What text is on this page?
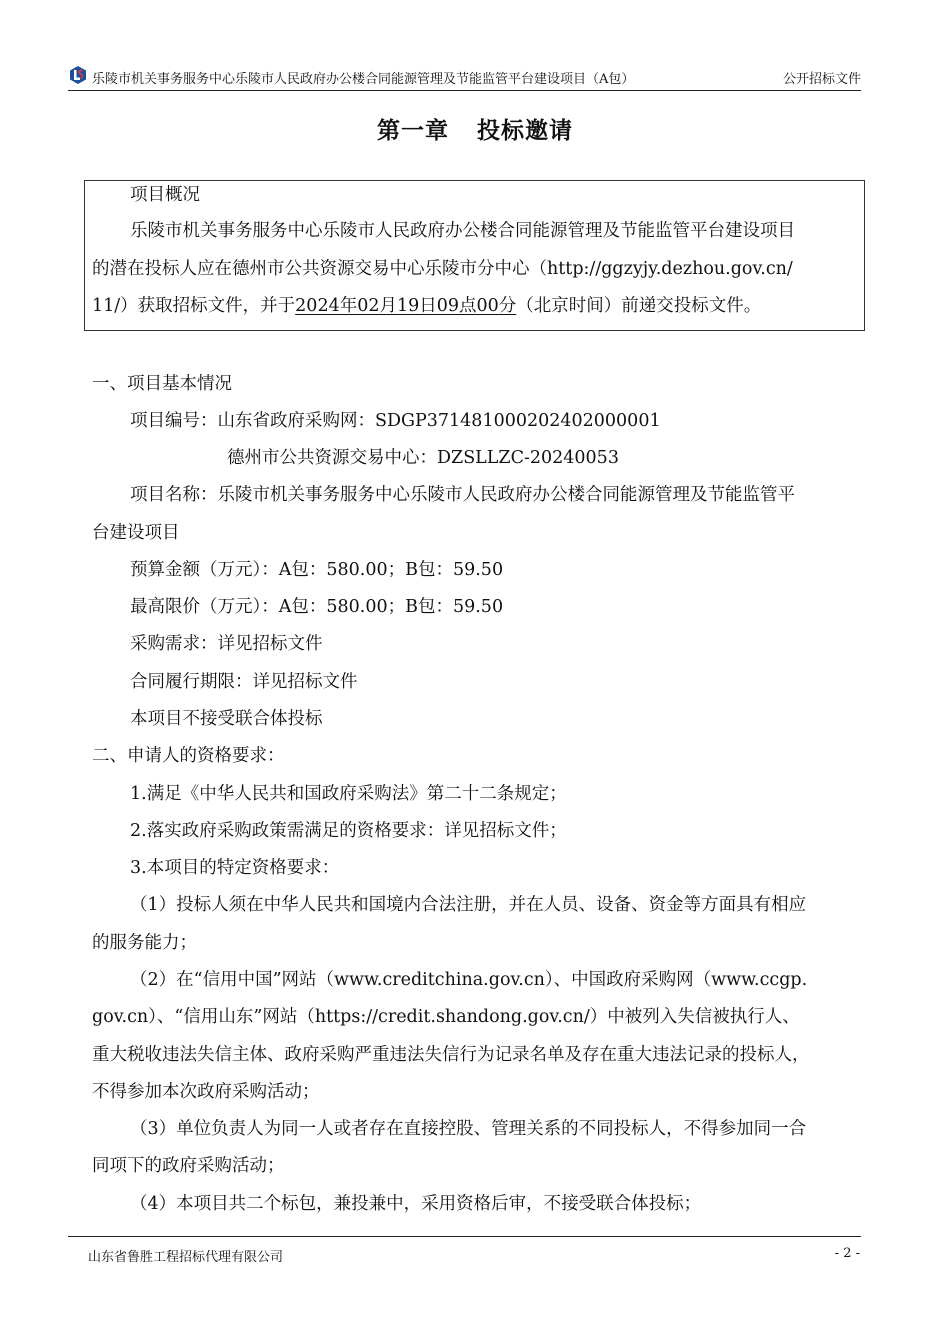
乐陵市机关事务服务中心乐陵市人民政府办公楼合同能源管理及节能监管平台建设项目（A包）	公开招标文件
第一章 投标邀请
项目概况
乐陵市机关事务服务中心乐陵市人民政府办公楼合同能源管理及节能监管平台建设项目
的潜在投标人应在德州市公共资源交易中心乐陵市分中心（http://ggzyjy.dezhou.gov.cn/
11/）获取招标文件，并于2024年02月19日09点00分（北京时间）前递交投标文件。
一、项目基本情况
项目编号：山东省政府采购网：SDGP371481000202402000001
德州市公共资源交易中心：DZSLLZC-20240053
项目名称：乐陵市机关事务服务中心乐陵市人民政府办公楼合同能源管理及节能监管平
台建设项目
预算金额（万元）：A包：580.00；B包：59.50
最高限价（万元）：A包：580.00；B包：59.50
采购需求：详见招标文件
合同履行期限：详见招标文件
本项目不接受联合体投标
二、申请人的资格要求：
1.满足《中华人民共和国政府采购法》第二十二条规定；
2.落实政府采购政策需满足的资格要求：详见招标文件；
3.本项目的特定资格要求：
（1）投标人须在中华人民共和国境内合法注册，并在人员、设备、资金等方面具有相应
的服务能力；
（2）在“信用中国”网站（www.creditchina.gov.cn）、中国政府采购网（www.ccgp.
gov.cn）、“信用山东”网站（https://credit.shandong.gov.cn/）中被列入失信被执行人、
重大税收违法失信主体、政府采购严重违法失信行为记录名单及存在重大违法记录的投标人，
不得参加本次政府采购活动；
（3）单位负责人为同一人或者存在直接控股、管理关系的不同投标人，不得参加同一合
同项下的政府采购活动；
（4）本项目共二个标包，兼投兼中，采用资格后审，不接受联合体投标；
山东省鲁胜工程招标代理有限公司	- 2 -
